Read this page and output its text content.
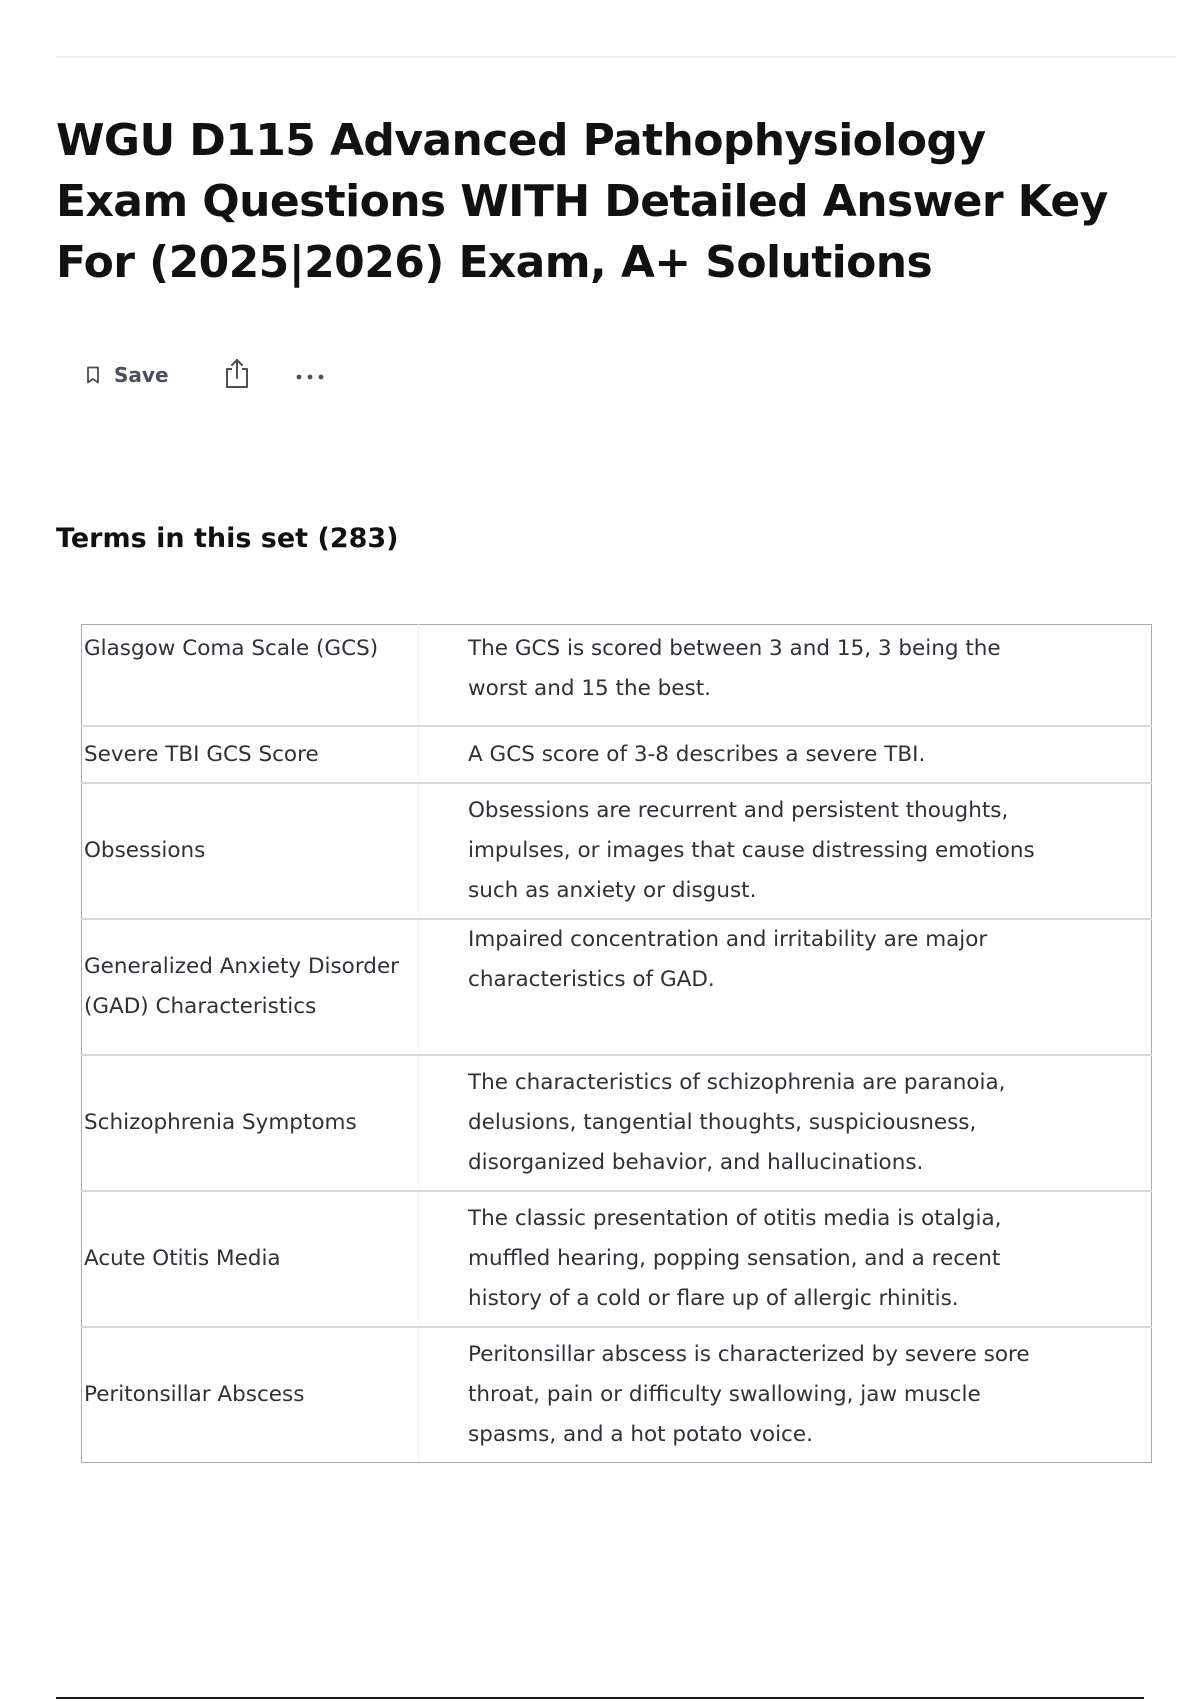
WGU D115 Advanced Pathophysiology Exam Questions WITH Detailed Answer Key For (2025|2026) Exam, A+ Solutions
Save
Terms in this set (283)
Glasgow Coma Scale (GCS)	The GCS is scored between 3 and 15, 3 being the worst and 15 the best.
Severe TBI GCS Score	A GCS score of 3-8 describes a severe TBI.
Obsessions	Obsessions are recurrent and persistent thoughts, impulses, or images that cause distressing emotions such as anxiety or disgust.
Generalized Anxiety Disorder (GAD) Characteristics	Impaired concentration and irritability are major characteristics of GAD.
Schizophrenia Symptoms	The characteristics of schizophrenia are paranoia, delusions, tangential thoughts, suspiciousness, disorganized behavior, and hallucinations.
Acute Otitis Media	The classic presentation of otitis media is otalgia, muffled hearing, popping sensation, and a recent history of a cold or flare up of allergic rhinitis.
Peritonsillar Abscess	Peritonsillar abscess is characterized by severe sore throat, pain or difficulty swallowing, jaw muscle spasms, and a hot potato voice.
